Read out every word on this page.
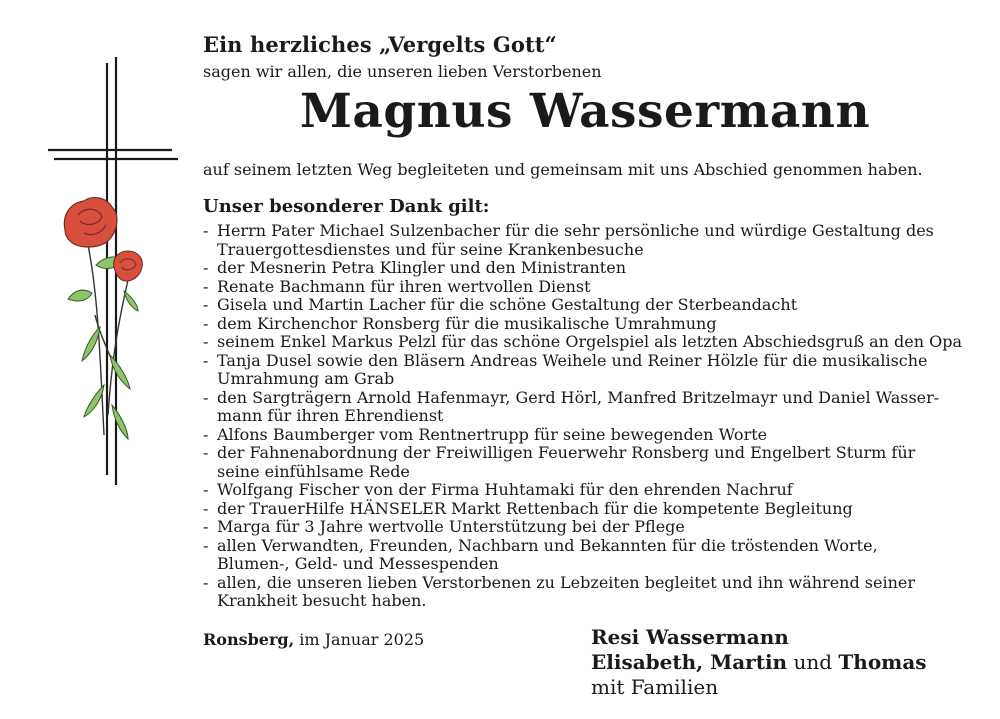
Ein herzliches „Vergelts Gott“
sagen wir allen, die unseren lieben Verstorbenen
Magnus Wassermann
auf seinem letzten Weg begleiteten und gemeinsam mit uns Abschied genommen haben.
Unser besonderer Dank gilt:
- Herrn Pater Michael Sulzenbacher für die sehr persönliche und würdige Gestaltung des
Trauergottesdienstes und für seine Krankenbesuche
- der Mesnerin Petra Klingler und den Ministranten
- Renate Bachmann für ihren wertvollen Dienst
- Gisela und Martin Lacher für die schöne Gestaltung der Sterbeandacht
- dem Kirchenchor Ronsberg für die musikalische Umrahmung
- seinem Enkel Markus Pelzl für das schöne Orgelspiel als letzten Abschiedsgruß an den Opa
- Tanja Dusel sowie den Bläsern Andreas Weihele und Reiner Hölzle für die musikalische
Umrahmung am Grab
- den Sargträgern Arnold Hafenmayr, Gerd Hörl, Manfred Britzelmayr und Daniel Wasser-
mann für ihren Ehrendienst
- Alfons Baumberger vom Rentnertrupp für seine bewegenden Worte
- der Fahnenabordnung der Freiwilligen Feuerwehr Ronsberg und Engelbert Sturm für
seine einfühlsame Rede
- Wolfgang Fischer von der Firma Huhtamaki für den ehrenden Nachruf
- der TrauerHilfe HÄNSELER Markt Rettenbach für die kompetente Begleitung
- Marga für 3 Jahre wertvolle Unterstützung bei der Pflege
- allen Verwandten, Freunden, Nachbarn und Bekannten für die tröstenden Worte,
Blumen-, Geld- und Messespenden
- allen, die unseren lieben Verstorbenen zu Lebzeiten begleitet und ihn während seiner
Krankheit besucht haben.
Ronsberg, im Januar 2025	Resi Wassermann
Elisabeth, Martin und Thomas
mit Familien
